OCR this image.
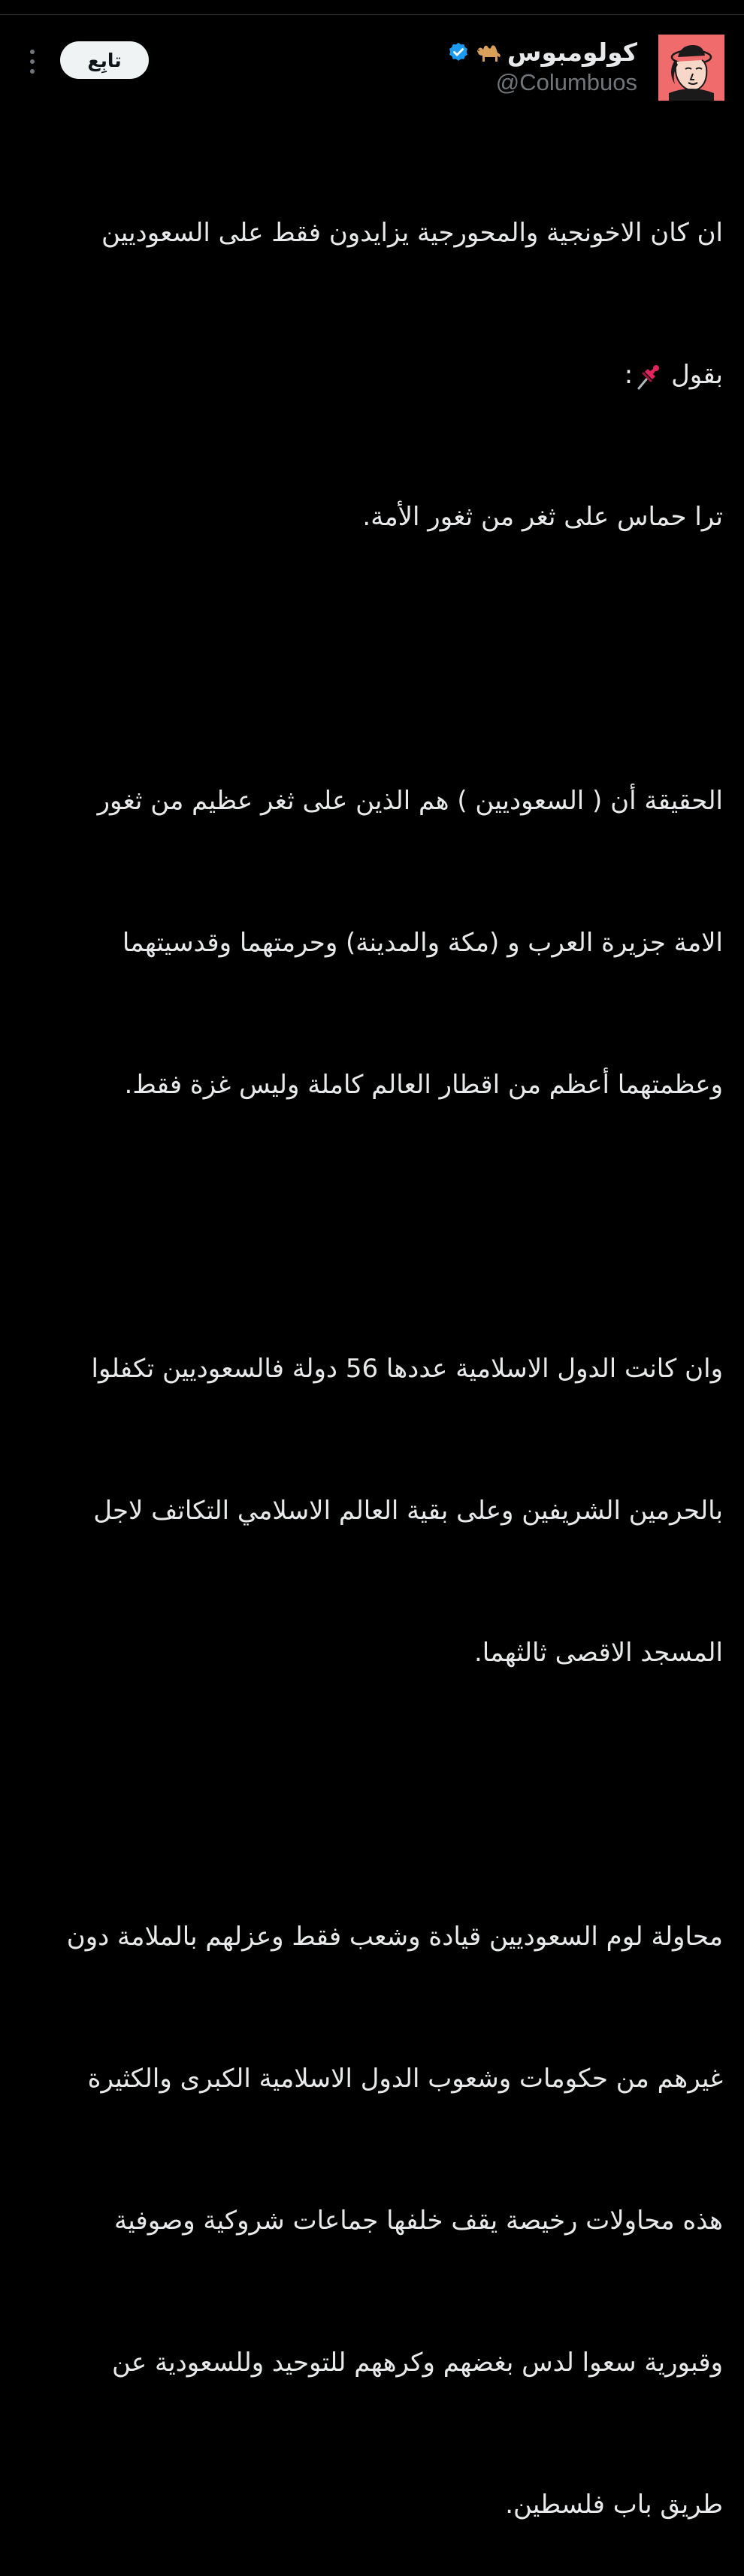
كولومبوس
@Columbuos
تابِع

ان كان الاخونجية والمحورجية يزايدون فقط على السعوديين

بقول :

ترا حماس على ثغر من ثغور الأمة.

الحقيقة أن ( السعوديين ) هم الذين على ثغر عظيم من ثغور

الامة جزيرة العرب و (مكة والمدينة) وحرمتهما وقدسيتهما

وعظمتهما أعظم من اقطار العالم كاملة وليس غزة فقط.

وان كانت الدول الاسلامية عددها 56 دولة فالسعوديين تكفلوا

بالحرمين الشريفين وعلى بقية العالم الاسلامي التكاتف لاجل

المسجد الاقصى ثالثهما.

محاولة لوم السعوديين قيادة وشعب فقط وعزلهم بالملامة دون

غيرهم من حكومات وشعوب الدول الاسلامية الكبرى والكثيرة

هذه محاولات رخيصة يقف خلفها جماعات شروكية وصوفية

وقبورية سعوا لدس بغضهم وكرههم للتوحيد وللسعودية عن

طريق باب فلسطين.
